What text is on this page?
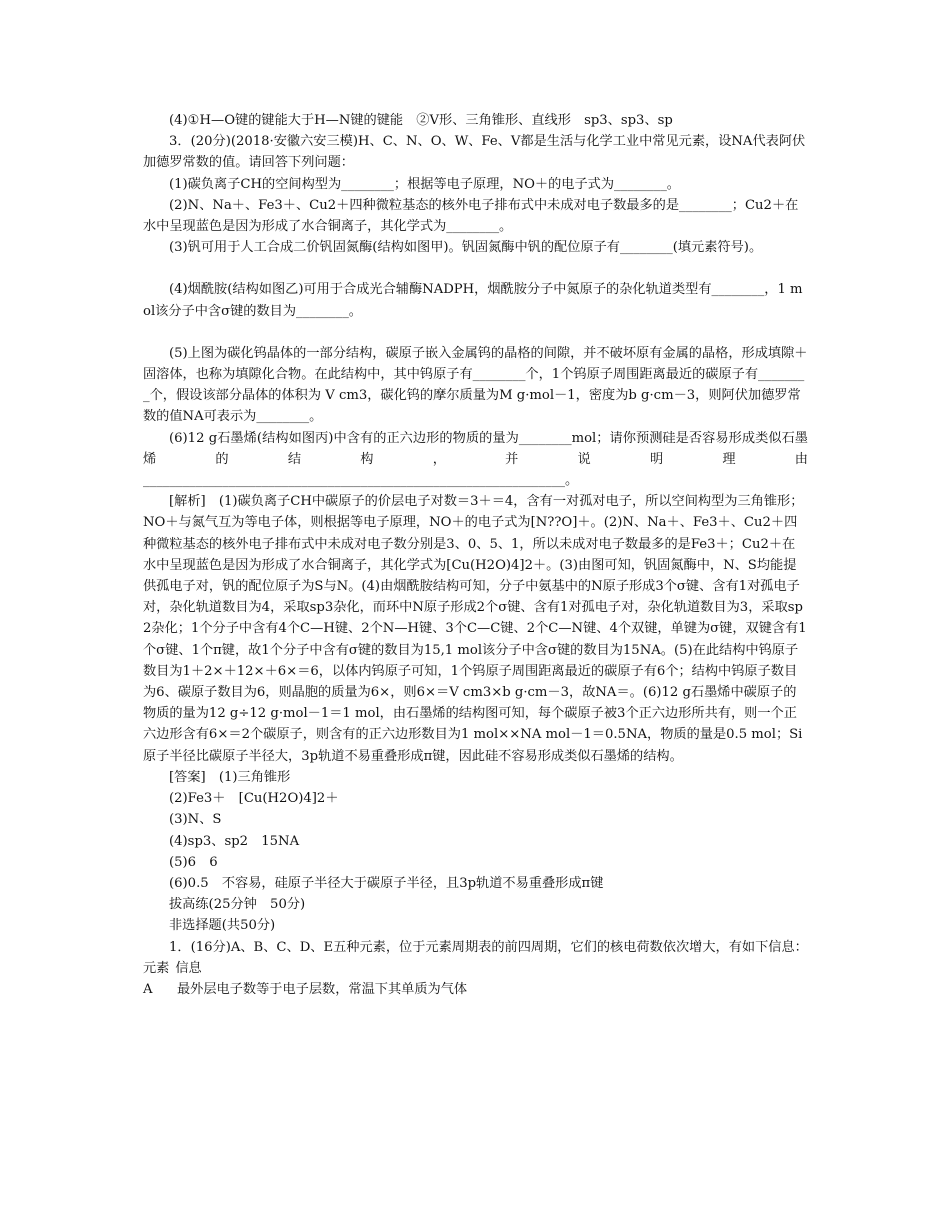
(4)①H—O键的键能大于H—N键的键能　②V形、三角锥形、直线形　sp3、sp3、sp

3．(20分)(2018·安徽六安三模)H、C、N、O、W、Fe、V都是生活与化学工业中常见元素，设NA代表阿伏加德罗常数的值。请回答下列问题：

(1)碳负离子CH的空间构型为________；根据等电子原理，NO＋的电子式为________。

(2)N、Na＋、Fe3＋、Cu2＋四种微粒基态的核外电子排布式中未成对电子数最多的是________；Cu2＋在水中呈现蓝色是因为形成了水合铜离子，其化学式为________。

(3)钒可用于人工合成二价钒固氮酶(结构如图甲)。钒固氮酶中钒的配位原子有________(填元素符号)。

(4)烟酰胺(结构如图乙)可用于合成光合辅酶NADPH，烟酰胺分子中氮原子的杂化轨道类型有________，1 mol该分子中含σ键的数目为________。

(5)上图为碳化钨晶体的一部分结构，碳原子嵌入金属钨的晶格的间隙，并不破坏原有金属的晶格，形成填隙＋固溶体，也称为填隙化合物。在此结构中，其中钨原子有________个，1个钨原子周围距离最近的碳原子有________个，假设该部分晶体的体积为 V cm3，碳化钨的摩尔质量为M g·mol－1，密度为b g·cm－3，则阿伏加德罗常数的值NA可表示为________。

(6)12 g石墨烯(结构如图丙)中含有的正六边形的物质的量为________mol；请你预测硅是否容易形成类似石墨烯的结构，并说明理由

________________________________________________________________。

[解析]　(1)碳负离子CH中碳原子的价层电子对数＝3＋＝4，含有一对孤对电子，所以空间构型为三角锥形；NO＋与氮气互为等电子体，则根据等电子原理，NO＋的电子式为[N??O]＋。(2)N、Na＋、Fe3＋、Cu2＋四种微粒基态的核外电子排布式中未成对电子数分别是3、0、5、1，所以未成对电子数最多的是Fe3＋；Cu2＋在水中呈现蓝色是因为形成了水合铜离子，其化学式为[Cu(H2O)4]2＋。(3)由图可知，钒固氮酶中，N、S均能提供孤电子对，钒的配位原子为S与N。(4)由烟酰胺结构可知，分子中氨基中的N原子形成3个σ键、含有1对孤电子对，杂化轨道数目为4，采取sp3杂化，而环中N原子形成2个σ键、含有1对孤电子对，杂化轨道数目为3，采取sp2杂化；1个分子中含有4个C—H键、2个N—H键、3个C—C键、2个C—N键、4个双键，单键为σ键，双键含有1个σ键、1个π键，故1个分子中含有σ键的数目为15,1 mol该分子中含σ键的数目为15NA。(5)在此结构中钨原子数目为1＋2×＋12×＋6×＝6，以体内钨原子可知，1个钨原子周围距离最近的碳原子有6个；结构中钨原子数目为6、碳原子数目为6，则晶胞的质量为6×，则6×＝V cm3×b g·cm－3，故NA＝。(6)12 g石墨烯中碳原子的物质的量为12 g÷12 g·mol－1＝1 mol，由石墨烯的结构图可知，每个碳原子被3个正六边形所共有，则一个正六边形含有6×＝2个碳原子，则含有的正六边形数目为1 mol××NA mol－1＝0.5NA，物质的量是0.5 mol；Si原子半径比碳原子半径大，3p轨道不易重叠形成π键，因此硅不容易形成类似石墨烯的结构。

[答案]　(1)三角锥形

(2)Fe3＋　[Cu(H2O)4]2＋

(3)N、S

(4)sp3、sp2　15NA

(5)6　6

(6)0.5　不容易，硅原子半径大于碳原子半径，且3p轨道不易重叠形成π键

拔高练(25分钟　50分)

非选择题(共50分)

1．(16分)A、B、C、D、E五种元素，位于元素周期表的前四周期，它们的核电荷数依次增大，有如下信息：

元素 信息
A	最外层电子数等于电子层数，常温下其单质为气体
